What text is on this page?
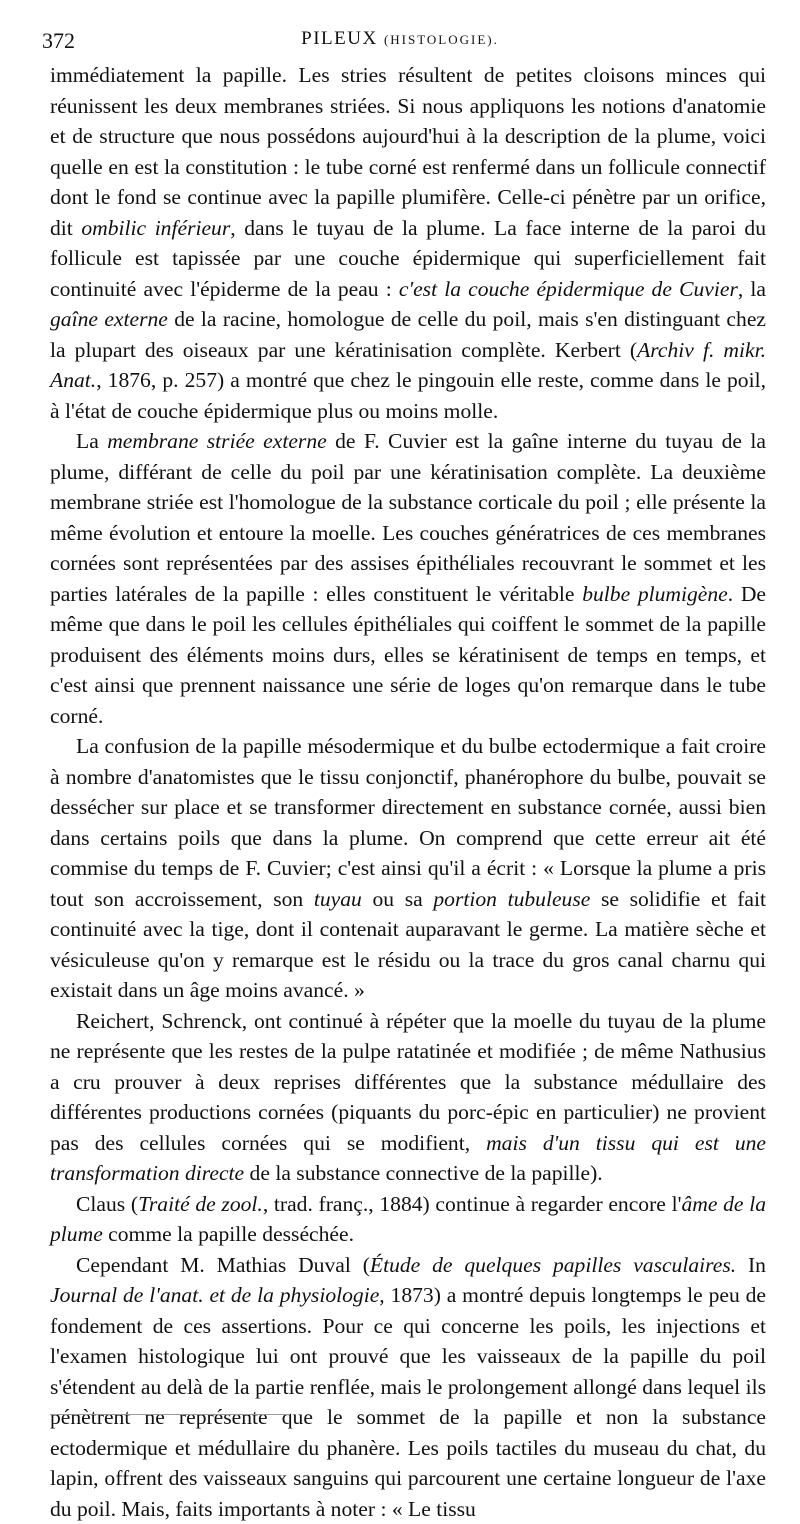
372	PILEUX (HISTOLOGIE).

immédiatement la papille. Les stries résultent de petites cloisons minces qui réunissent les deux membranes striées. Si nous appliquons les notions d'anatomie et de structure que nous possédons aujourd'hui à la description de la plume, voici quelle en est la constitution : le tube corné est renfermé dans un follicule connectif dont le fond se continue avec la papille plumifère. Celle-ci pénètre par un orifice, dit ombilic inférieur, dans le tuyau de la plume. La face interne de la paroi du follicule est tapissée par une couche épidermique qui superficiellement fait continuité avec l'épiderme de la peau : c'est la couche épidermique de Cuvier, la gaîne externe de la racine, homologue de celle du poil, mais s'en distinguant chez la plupart des oiseaux par une kératinisation complète. Kerbert (Archiv f. mikr. Anat., 1876, p. 257) a montré que chez le pingouin elle reste, comme dans le poil, à l'état de couche épidermique plus ou moins molle.

La membrane striée externe de F. Cuvier est la gaîne interne du tuyau de la plume, différant de celle du poil par une kératinisation complète. La deuxième membrane striée est l'homologue de la substance corticale du poil ; elle présente la même évolution et entoure la moelle. Les couches génératrices de ces membranes cornées sont représentées par des assises épithéliales recouvrant le sommet et les parties latérales de la papille : elles constituent le véritable bulbe plumigène. De même que dans le poil les cellules épithéliales qui coiffent le sommet de la papille produisent des éléments moins durs, elles se kératinisent de temps en temps, et c'est ainsi que prennent naissance une série de loges qu'on remarque dans le tube corné.

La confusion de la papille mésodermique et du bulbe ectodermique a fait croire à nombre d'anatomistes que le tissu conjonctif, phanérophore du bulbe, pouvait se dessécher sur place et se transformer directement en substance cornée, aussi bien dans certains poils que dans la plume. On comprend que cette erreur ait été commise du temps de F. Cuvier; c'est ainsi qu'il a écrit : « Lorsque la plume a pris tout son accroissement, son tuyau ou sa portion tubuleuse se solidifie et fait continuité avec la tige, dont il contenait auparavant le germe. La matière sèche et vésiculeuse qu'on y remarque est le résidu ou la trace du gros canal charnu qui existait dans un âge moins avancé. »

Reichert, Schrenck, ont continué à répéter que la moelle du tuyau de la plume ne représente que les restes de la pulpe ratatinée et modifiée ; de même Nathusius a cru prouver à deux reprises différentes que la substance médullaire des différentes productions cornées (piquants du porc-épic en particulier) ne provient pas des cellules cornées qui se modifient, mais d'un tissu qui est une transformation directe de la substance connective de la papille).

Claus (Traité de zool., trad. franç., 1884) continue à regarder encore l'âme de la plume comme la papille desséchée.

Cependant M. Mathias Duval (Étude de quelques papilles vasculaires. In Journal de l'anat. et de la physiologie, 1873) a montré depuis longtemps le peu de fondement de ces assertions. Pour ce qui concerne les poils, les injections et l'examen histologique lui ont prouvé que les vaisseaux de la papille du poil s'étendent au delà de la partie renflée, mais le prolongement allongé dans lequel ils pénètrent ne représente que le sommet de la papille et non la substance ectodermique et médullaire du phanère. Les poils tactiles du museau du chat, du lapin, offrent des vaisseaux sanguins qui parcourent une certaine longueur de l'axe du poil. Mais, faits importants à noter : « Le tissu
